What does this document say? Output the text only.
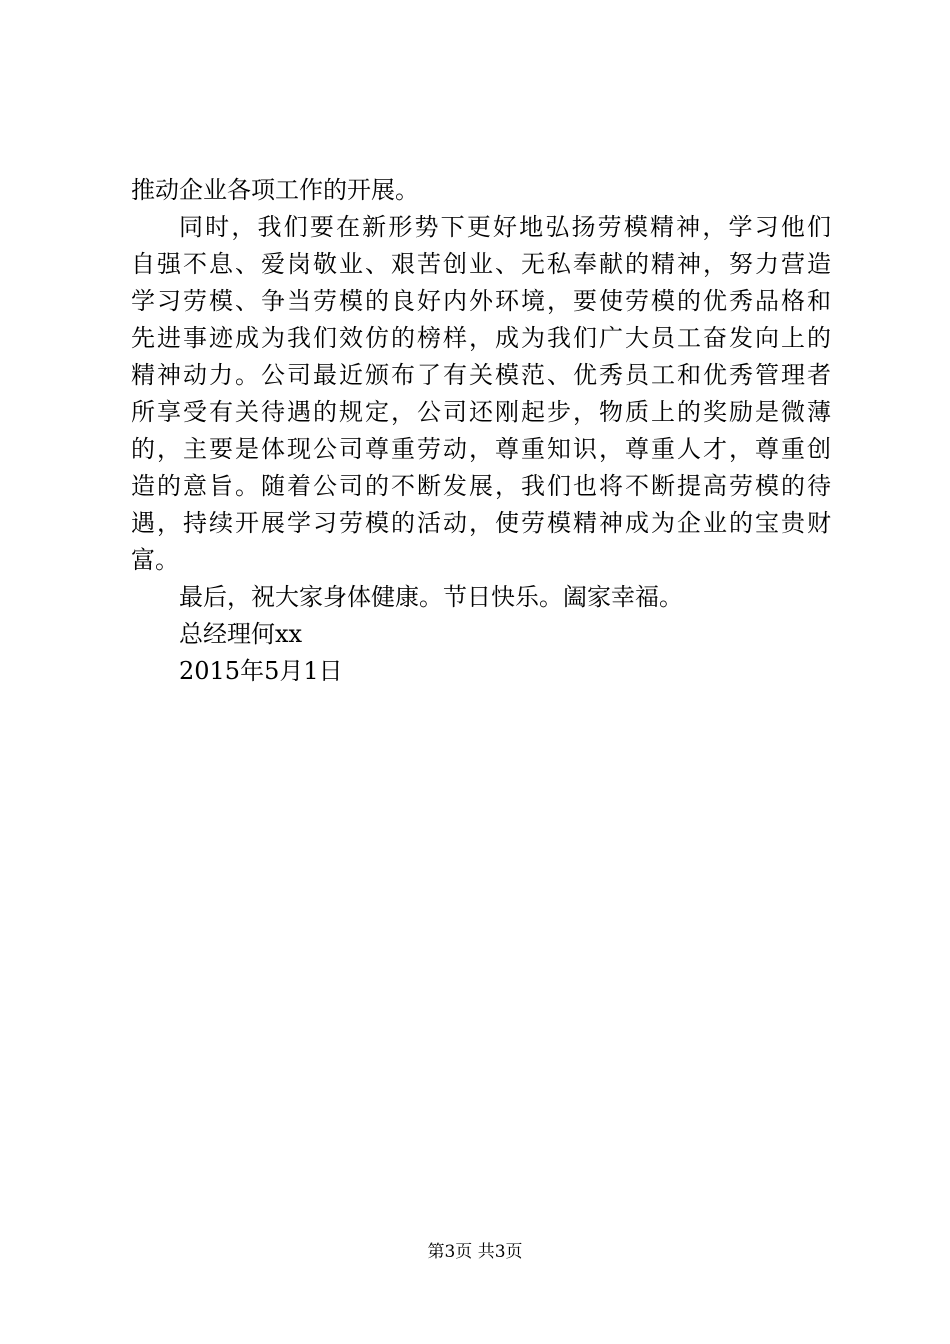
推动企业各项工作的开展。
同时，我们要在新形势下更好地弘扬劳模精神，学习他们
自强不息、爱岗敬业、艰苦创业、无私奉献的精神，努力营造
学习劳模、争当劳模的良好内外环境，要使劳模的优秀品格和
先进事迹成为我们效仿的榜样，成为我们广大员工奋发向上的
精神动力。公司最近颁布了有关模范、优秀员工和优秀管理者
所享受有关待遇的规定，公司还刚起步，物质上的奖励是微薄
的，主要是体现公司尊重劳动，尊重知识，尊重人才，尊重创
造的意旨。随着公司的不断发展，我们也将不断提高劳模的待
遇，持续开展学习劳模的活动，使劳模精神成为企业的宝贵财
富。
最后，祝大家身体健康。节日快乐。阖家幸福。
总经理何xx
2015年5月1日
第3页 共3页
